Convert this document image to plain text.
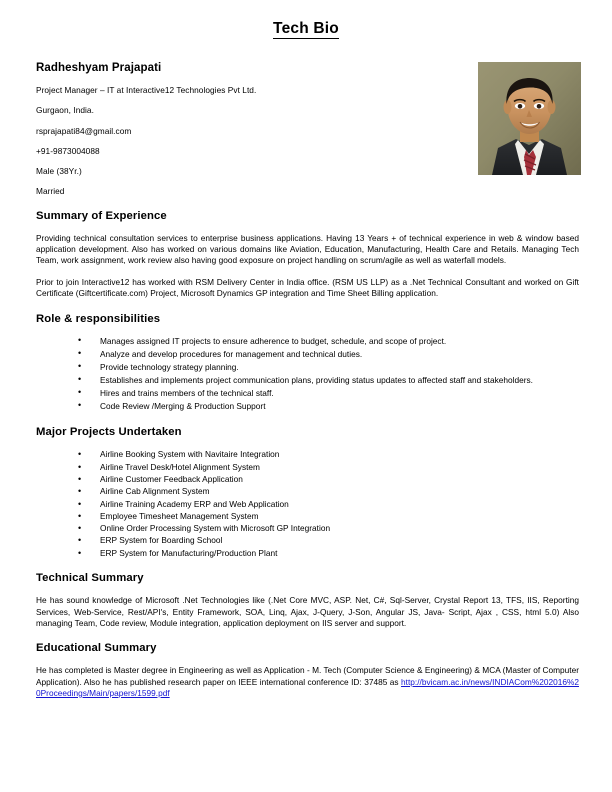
Tech Bio
Radheshyam Prajapati
Project Manager – IT at Interactive12 Technologies Pvt Ltd.
Gurgaon, India.
rsprajapati84@gmail.com
+91-9873004088
Male (38Yr.)
Married
Summary of Experience

Providing technical consultation services to enterprise business applications. Having 13 Years + of technical experience in web & window based application development. Also has worked on various domains like Aviation, Education, Manufacturing, Health Care and Retails. Managing Tech Team, work assignment, work review also having good exposure on project handling on scrum/agile as well as waterfall models.

Prior to join Interactive12 has worked with RSM Delivery Center in India office. (RSM US LLP) as a .Net Technical Consultant and worked on Gift Certificate (Giftcertificate.com) Project, Microsoft Dynamics GP integration and Time Sheet Billing application.

Role & responsibilities
• Manages assigned IT projects to ensure adherence to budget, schedule, and scope of project.
• Analyze and develop procedures for management and technical duties.
• Provide technology strategy planning.
• Establishes and implements project communication plans, providing status updates to affected staff and stakeholders.
• Hires and trains members of the technical staff.
• Code Review /Merging & Production Support
Major Projects Undertaken
• Airline Booking System with Navitaire Integration
• Airline Travel Desk/Hotel Alignment System
• Airline Customer Feedback Application
• Airline Cab Alignment System
• Airline Training Academy ERP and Web Application
• Employee Timesheet Management System
• Online Order Processing System with Microsoft GP Integration
• ERP System for Boarding School
• ERP System for Manufacturing/Production Plant
Technical Summary

He has sound knowledge of Microsoft .Net Technologies like (.Net Core MVC, ASP. Net, C#, Sql-Server, Crystal Report 13, TFS, IIS, Reporting Services, Web-Service, Rest/API's, Entity Framework, SOA, Linq, Ajax, J-Query, J-Son, Angular JS, Java- Script, Ajax , CSS, html 5.0) Also managing Team, Code review, Module integration, application deployment on IIS server and support.

Educational Summary

He has completed is Master degree in Engineering as well as Application - M. Tech (Computer Science & Engineering) & MCA (Master of Computer Application). Also he has published research paper on IEEE international conference ID: 37485 as http://bvicam.ac.in/news/INDIACom%202016%20Proceedings/Main/papers/1599.pdf
